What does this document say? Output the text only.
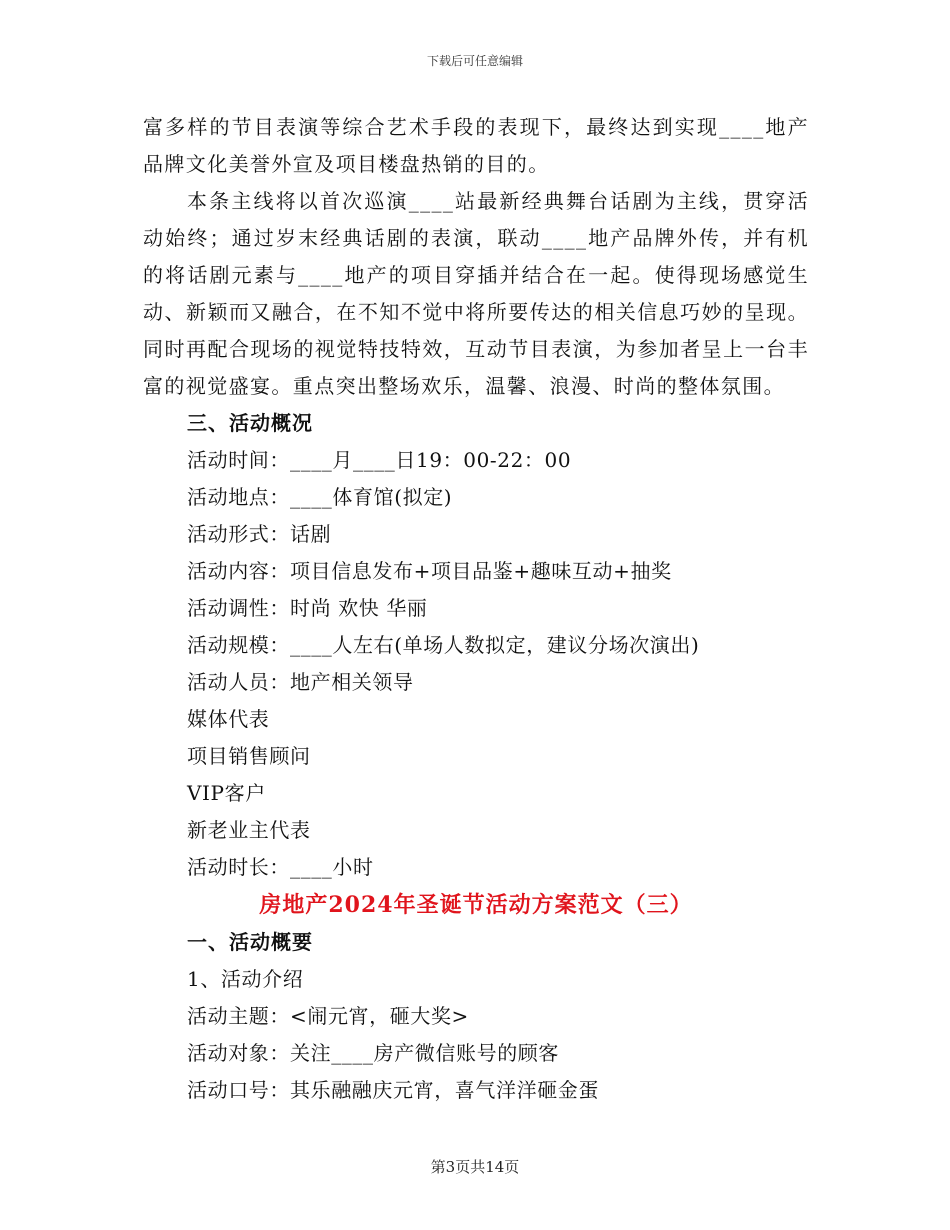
下载后可任意编辑

富多样的节目表演等综合艺术手段的表现下，最终达到实现____地产品牌文化美誉外宣及项目楼盘热销的目的。

本条主线将以首次巡演____站最新经典舞台话剧为主线，贯穿活动始终；通过岁末经典话剧的表演，联动____地产品牌外传，并有机的将话剧元素与____地产的项目穿插并结合在一起。使得现场感觉生动、新颖而又融合，在不知不觉中将所要传达的相关信息巧妙的呈现。同时再配合现场的视觉特技特效，互动节目表演，为参加者呈上一台丰富的视觉盛宴。重点突出整场欢乐，温馨、浪漫、时尚的整体氛围。

三、活动概况

活动时间：____月____日19：00-22：00

活动地点：____体育馆(拟定)

活动形式：话剧

活动内容：项目信息发布+项目品鉴+趣味互动+抽奖

活动调性：时尚 欢快 华丽

活动规模：____人左右(单场人数拟定，建议分场次演出)

活动人员：地产相关领导

媒体代表

项目销售顾问

VIP客户

新老业主代表

活动时长：____小时

房地产2024年圣诞节活动方案范文（三）

一、活动概要

1、活动介绍

活动主题：<闹元宵，砸大奖>

活动对象：关注____房产微信账号的顾客

活动口号：其乐融融庆元宵，喜气洋洋砸金蛋

第3页共14页
